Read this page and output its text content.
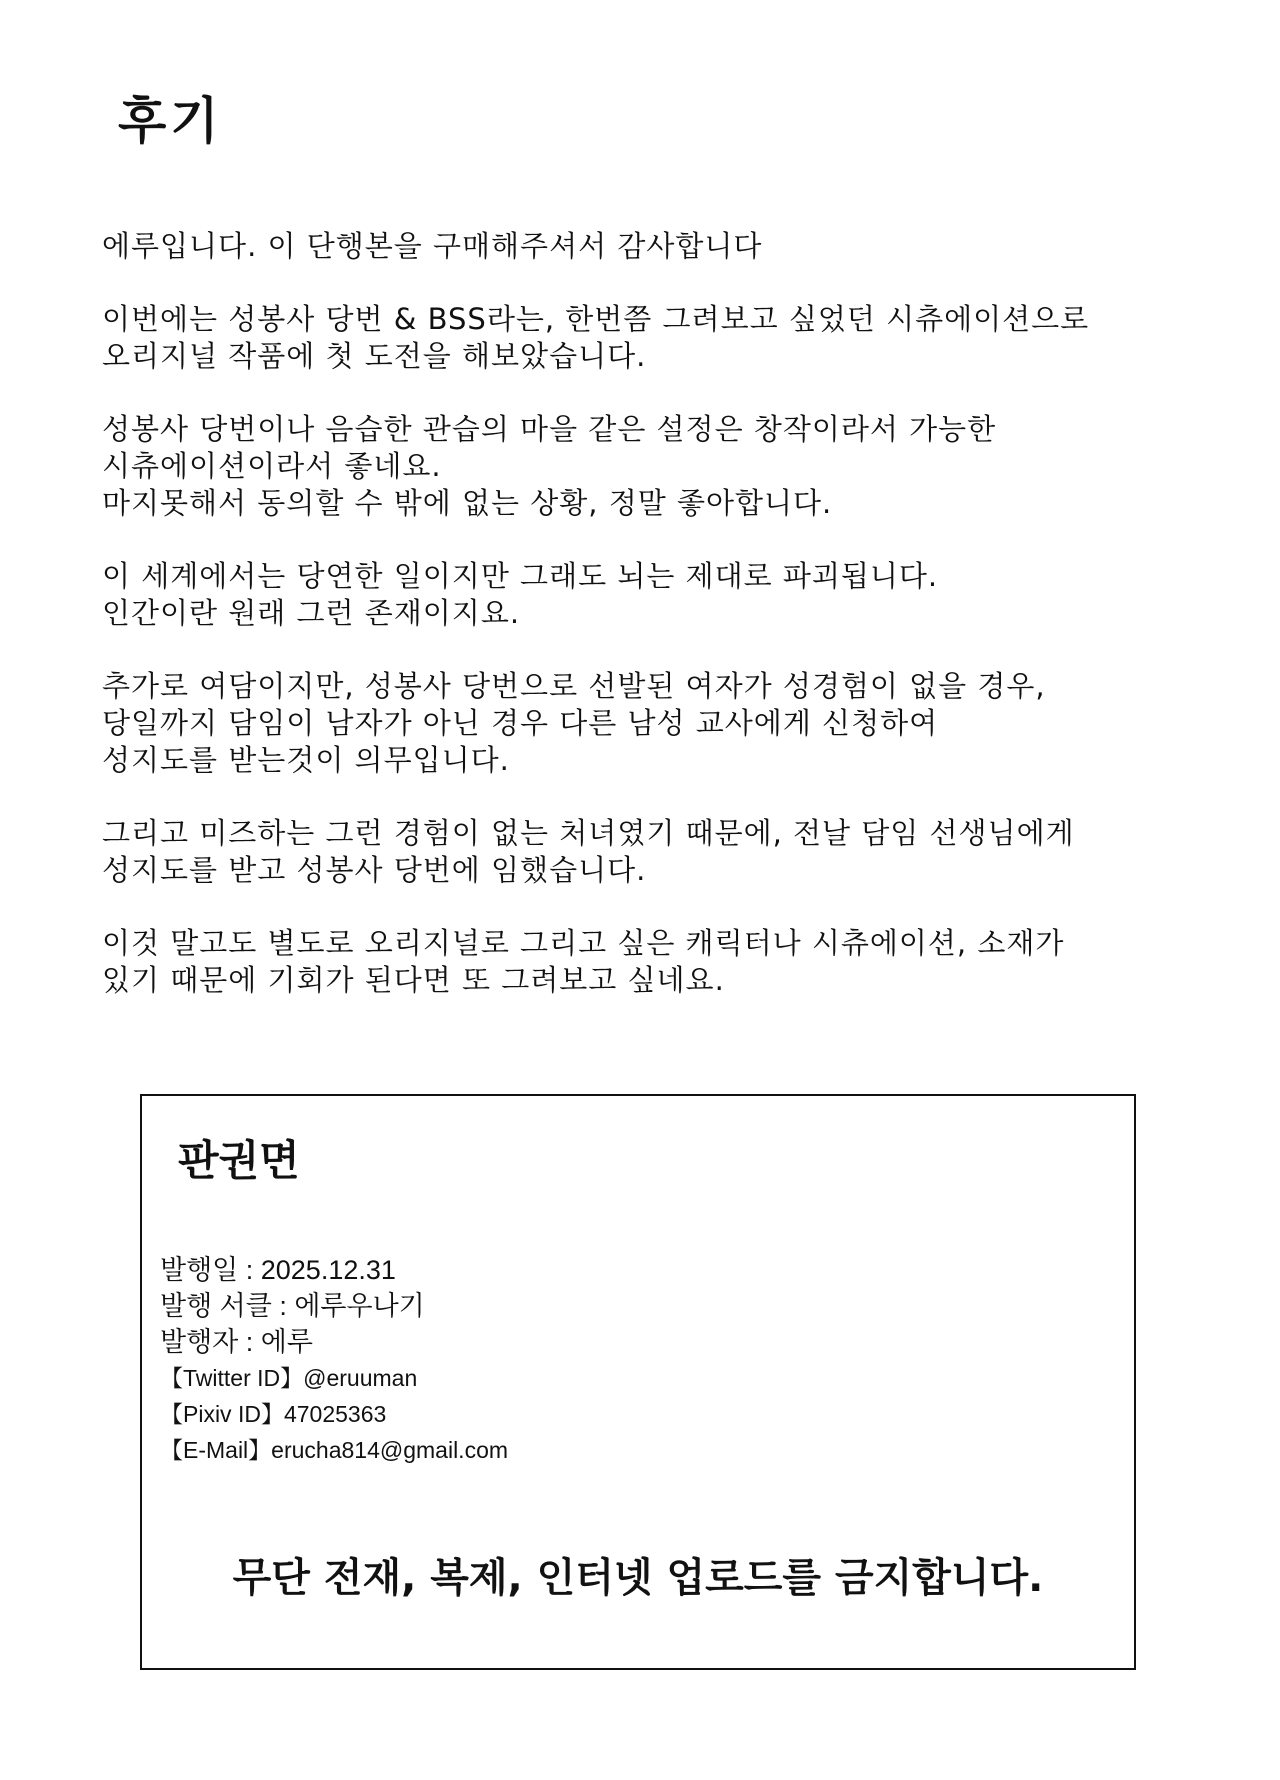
후기
에루입니다. 이 단행본을 구매해주셔서 감사합니다
이번에는 성봉사 당번 & BSS라는, 한번쯤 그려보고 싶었던 시츄에이션으로
오리지널 작품에 첫 도전을 해보았습니다.
성봉사 당번이나 음습한 관습의 마을 같은 설정은 창작이라서 가능한
시츄에이션이라서 좋네요.
마지못해서 동의할 수 밖에 없는 상황, 정말 좋아합니다.
이 세계에서는 당연한 일이지만 그래도 뇌는 제대로 파괴됩니다.
인간이란 원래 그런 존재이지요.
추가로 여담이지만, 성봉사 당번으로 선발된 여자가 성경험이 없을 경우,
당일까지 담임이 남자가 아닌 경우 다른 남성 교사에게 신청하여
성지도를 받는것이 의무입니다.
그리고 미즈하는 그런 경험이 없는 처녀였기 때문에, 전날 담임 선생님에게
성지도를 받고 성봉사 당번에 임했습니다.
이것 말고도 별도로 오리지널로 그리고 싶은 캐릭터나 시츄에이션, 소재가
있기 때문에 기회가 된다면 또 그려보고 싶네요.
판권면
발행일 : 2025.12.31
발행 서클 : 에루우나기
발행자 : 에루
【Twitter ID】@eruuman
【Pixiv ID】47025363
【E-Mail】erucha814@gmail.com
무단 전재, 복제, 인터넷 업로드를 금지합니다.
